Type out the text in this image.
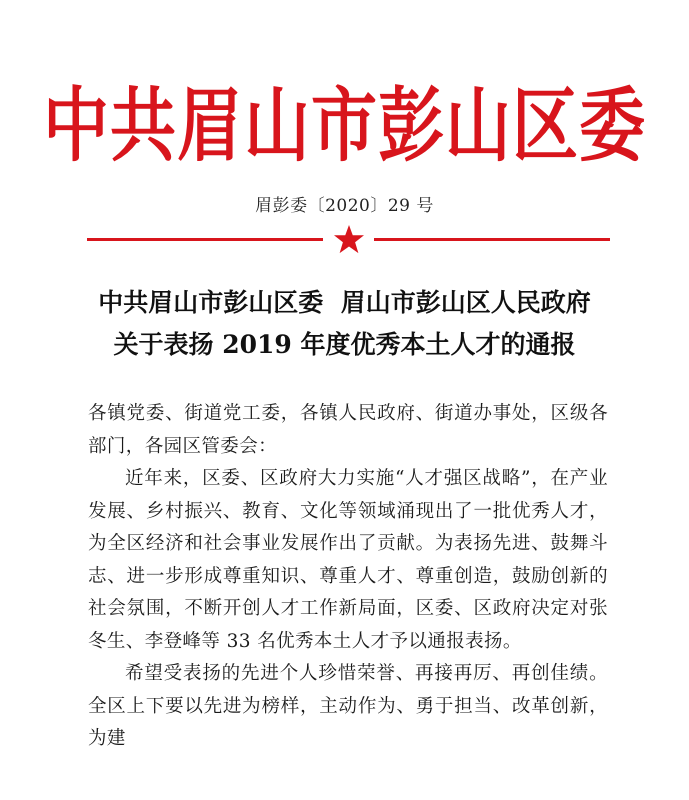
中共眉山市彭山区委
眉彭委〔2020〕29 号
中共眉山市彭山区委  眉山市彭山区人民政府
关于表扬 2019 年度优秀本土人才的通报

各镇党委、街道党工委，各镇人民政府、街道办事处，区级各部门，各园区管委会：

近年来，区委、区政府大力实施“人才强区战略”，在产业发展、乡村振兴、教育、文化等领域涌现出了一批优秀人才，为全区经济和社会事业发展作出了贡献。为表扬先进、鼓舞斗志、进一步形成尊重知识、尊重人才、尊重创造，鼓励创新的社会氛围，不断开创人才工作新局面，区委、区政府决定对张冬生、李登峰等 33 名优秀本土人才予以通报表扬。

希望受表扬的先进个人珍惜荣誉、再接再厉、再创佳绩。全区上下要以先进为榜样，主动作为、勇于担当、改革创新，为建
